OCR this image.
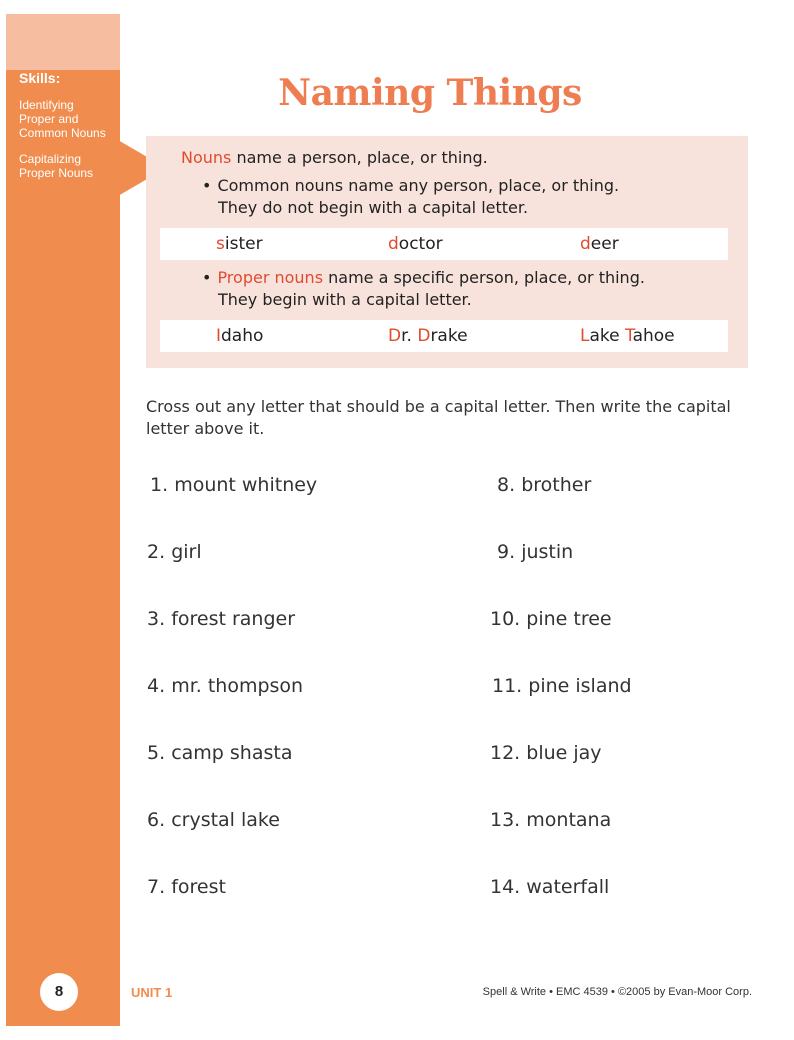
Skills:
Identifying Proper and Common Nouns
Capitalizing Proper Nouns
Naming Things
Nouns name a person, place, or thing.
• Common nouns name any person, place, or thing.
They do not begin with a capital letter.
sister	doctor	deer
• Proper nouns name a specific person, place, or thing.
They begin with a capital letter.
Idaho	Dr. Drake	Lake Tahoe
Cross out any letter that should be a capital letter. Then write the capital letter above it.
1. mount whitney
2. girl
3. forest ranger
4. mr. thompson
5. camp shasta
6. crystal lake
7. forest
8. brother
9. justin
10. pine tree
11. pine island
12. blue jay
13. montana
14. waterfall
8	UNIT 1	Spell & Write • EMC 4539 • ©2005 by Evan-Moor Corp.
